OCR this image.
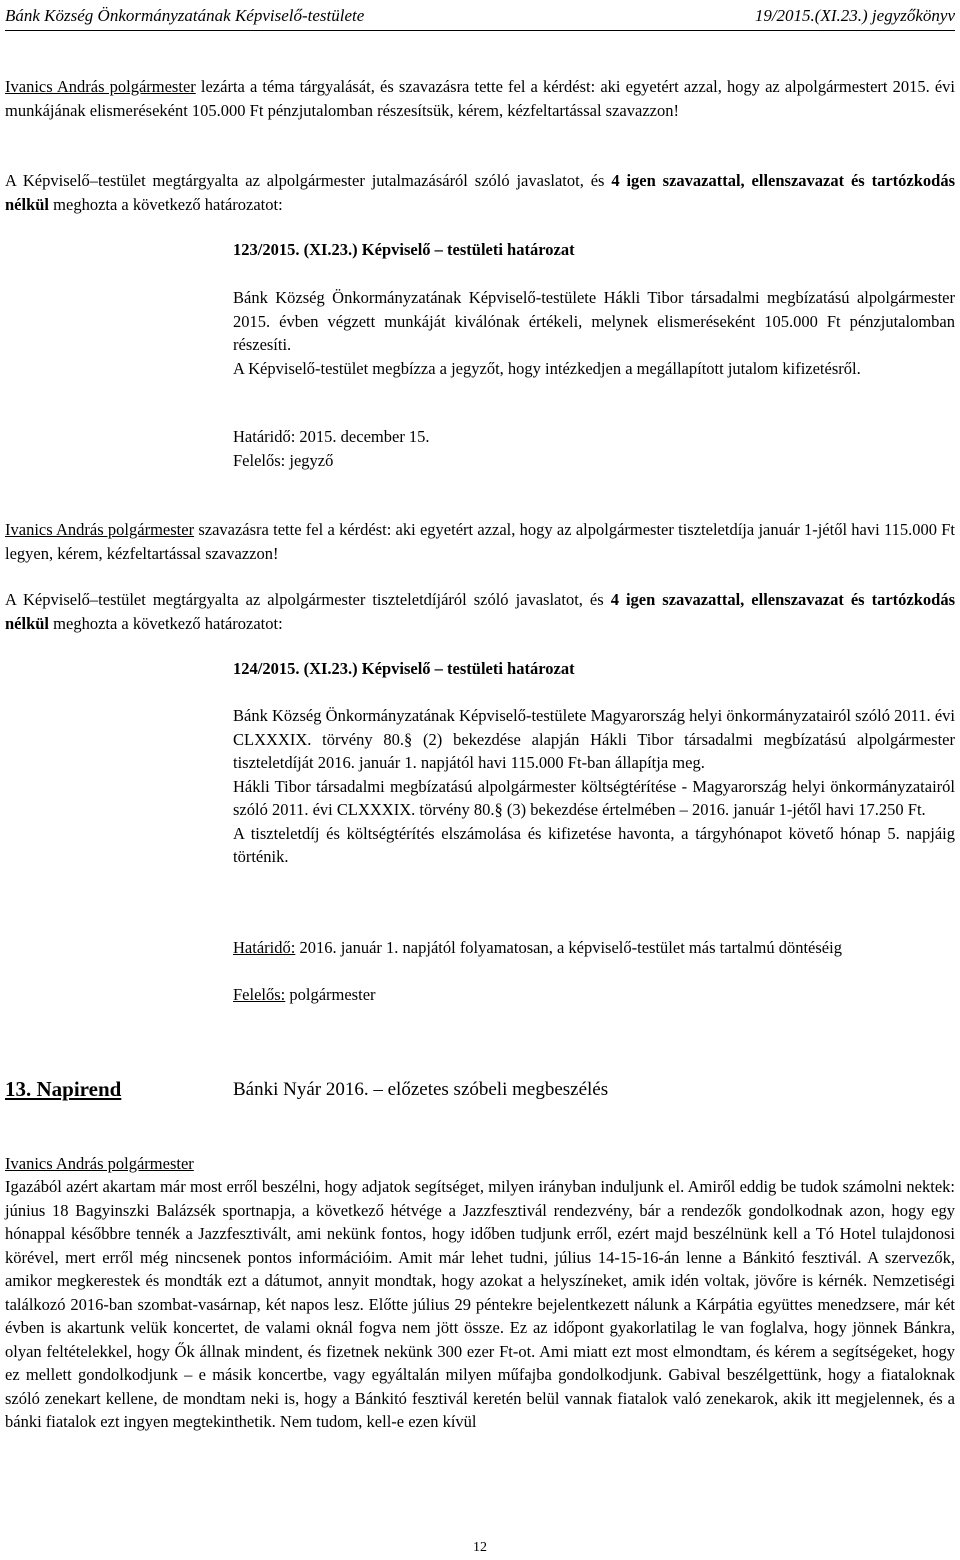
Bánk Község Önkormányzatának Képviselő-testülete	19/2015.(XI.23.) jegyzőkönyv
Ivanics András polgármester lezárta a téma tárgyalását, és szavazásra tette fel a kérdést: aki egyetért azzal, hogy az alpolgármestert 2015. évi munkájának elismeréseként 105.000 Ft pénzjutalomban részesítsük, kérem, kézfeltartással szavazzon!
A Képviselő–testület megtárgyalta az alpolgármester jutalmazásáról szóló javaslatot, és 4 igen szavazattal, ellenszavazat és tartózkodás nélkül meghozta a következő határozatot:
123/2015. (XI.23.) Képviselő – testületi határozat
Bánk Község Önkormányzatának Képviselő-testülete Hákli Tibor társadalmi megbízatású alpolgármester 2015. évben végzett munkáját kiválónak értékeli, melynek elismeréseként 105.000 Ft pénzjutalomban részesíti.
A Képviselő-testület megbízza a jegyzőt, hogy intézkedjen a megállapított jutalom kifizetésről.
Határidő: 2015. december 15.
Felelős: jegyző
Ivanics András polgármester szavazásra tette fel a kérdést: aki egyetért azzal, hogy az alpolgármester tiszteletdíja január 1-jétől havi 115.000 Ft legyen, kérem, kézfeltartással szavazzon!
A Képviselő–testület megtárgyalta az alpolgármester tiszteletdíjáról szóló javaslatot, és 4 igen szavazattal, ellenszavazat és tartózkodás nélkül meghozta a következő határozatot:
124/2015. (XI.23.) Képviselő – testületi határozat
Bánk Község Önkormányzatának Képviselő-testülete Magyarország helyi önkormányzatairól szóló 2011. évi CLXXXIX. törvény 80.§ (2) bekezdése alapján Hákli Tibor társadalmi megbízatású alpolgármester tiszteletdíját 2016. január 1. napjától havi 115.000 Ft-ban állapítja meg.
Hákli Tibor társadalmi megbízatású alpolgármester költségtérítése - Magyarország helyi önkormányzatairól szóló 2011. évi CLXXXIX. törvény 80.§ (3) bekezdése értelmében – 2016. január 1-jétől havi 17.250 Ft.
A tiszteletdíj és költségtérítés elszámolása és kifizetése havonta, a tárgyhónapot követő hónap 5. napjáig történik.
Határidő: 2016. január 1. napjától folyamatosan, a képviselő-testület más tartalmú döntéséig
Felelős: polgármester
13. Napirend	Bánki Nyár 2016. – előzetes szóbeli megbeszélés
Ivanics András polgármester
Igazából azért akartam már most erről beszélni, hogy adjatok segítséget, milyen irányban induljunk el. Amiről eddig be tudok számolni nektek: június 18 Bagyinszki Balázsék sportnapja, a következő hétvége a Jazzfesztivál rendezvény, bár a rendezők gondolkodnak azon, hogy egy hónappal későbbre tennék a Jazzfesztivált, ami nekünk fontos, hogy időben tudjunk erről, ezért majd beszélnünk kell a Tó Hotel tulajdonosi körével, mert erről még nincsenek pontos információim. Amit már lehet tudni, július 14-15-16-án lenne a Bánkitó fesztivál. A szervezők, amikor megkerestek és mondták ezt a dátumot, annyit mondtak, hogy azokat a helyszíneket, amik idén voltak, jövőre is kérnék. Nemzetiségi találkozó 2016-ban szombat-vasárnap, két napos lesz. Előtte július 29 péntekre bejelentkezett nálunk a Kárpátia együttes menedzsere, már két évben is akartunk velük koncertet, de valami oknál fogva nem jött össze. Ez az időpont gyakorlatilag le van foglalva, hogy jönnek Bánkra, olyan feltételekkel, hogy Ők állnak mindent, és fizetnek nekünk 300 ezer Ft-ot. Ami miatt ezt most elmondtam, és kérem a segítségeket, hogy ez mellett gondolkodjunk – e másik koncertbe, vagy egyáltalán milyen műfajba gondolkodjunk. Gabival beszélgettünk, hogy a fiataloknak szóló zenekart kellene, de mondtam neki is, hogy a Bánkitó fesztivál keretén belül vannak fiatalok való zenekarok, akik itt megjelennek, és a bánki fiatalok ezt ingyen megtekinthetik. Nem tudom, kell-e ezen kívül
12
